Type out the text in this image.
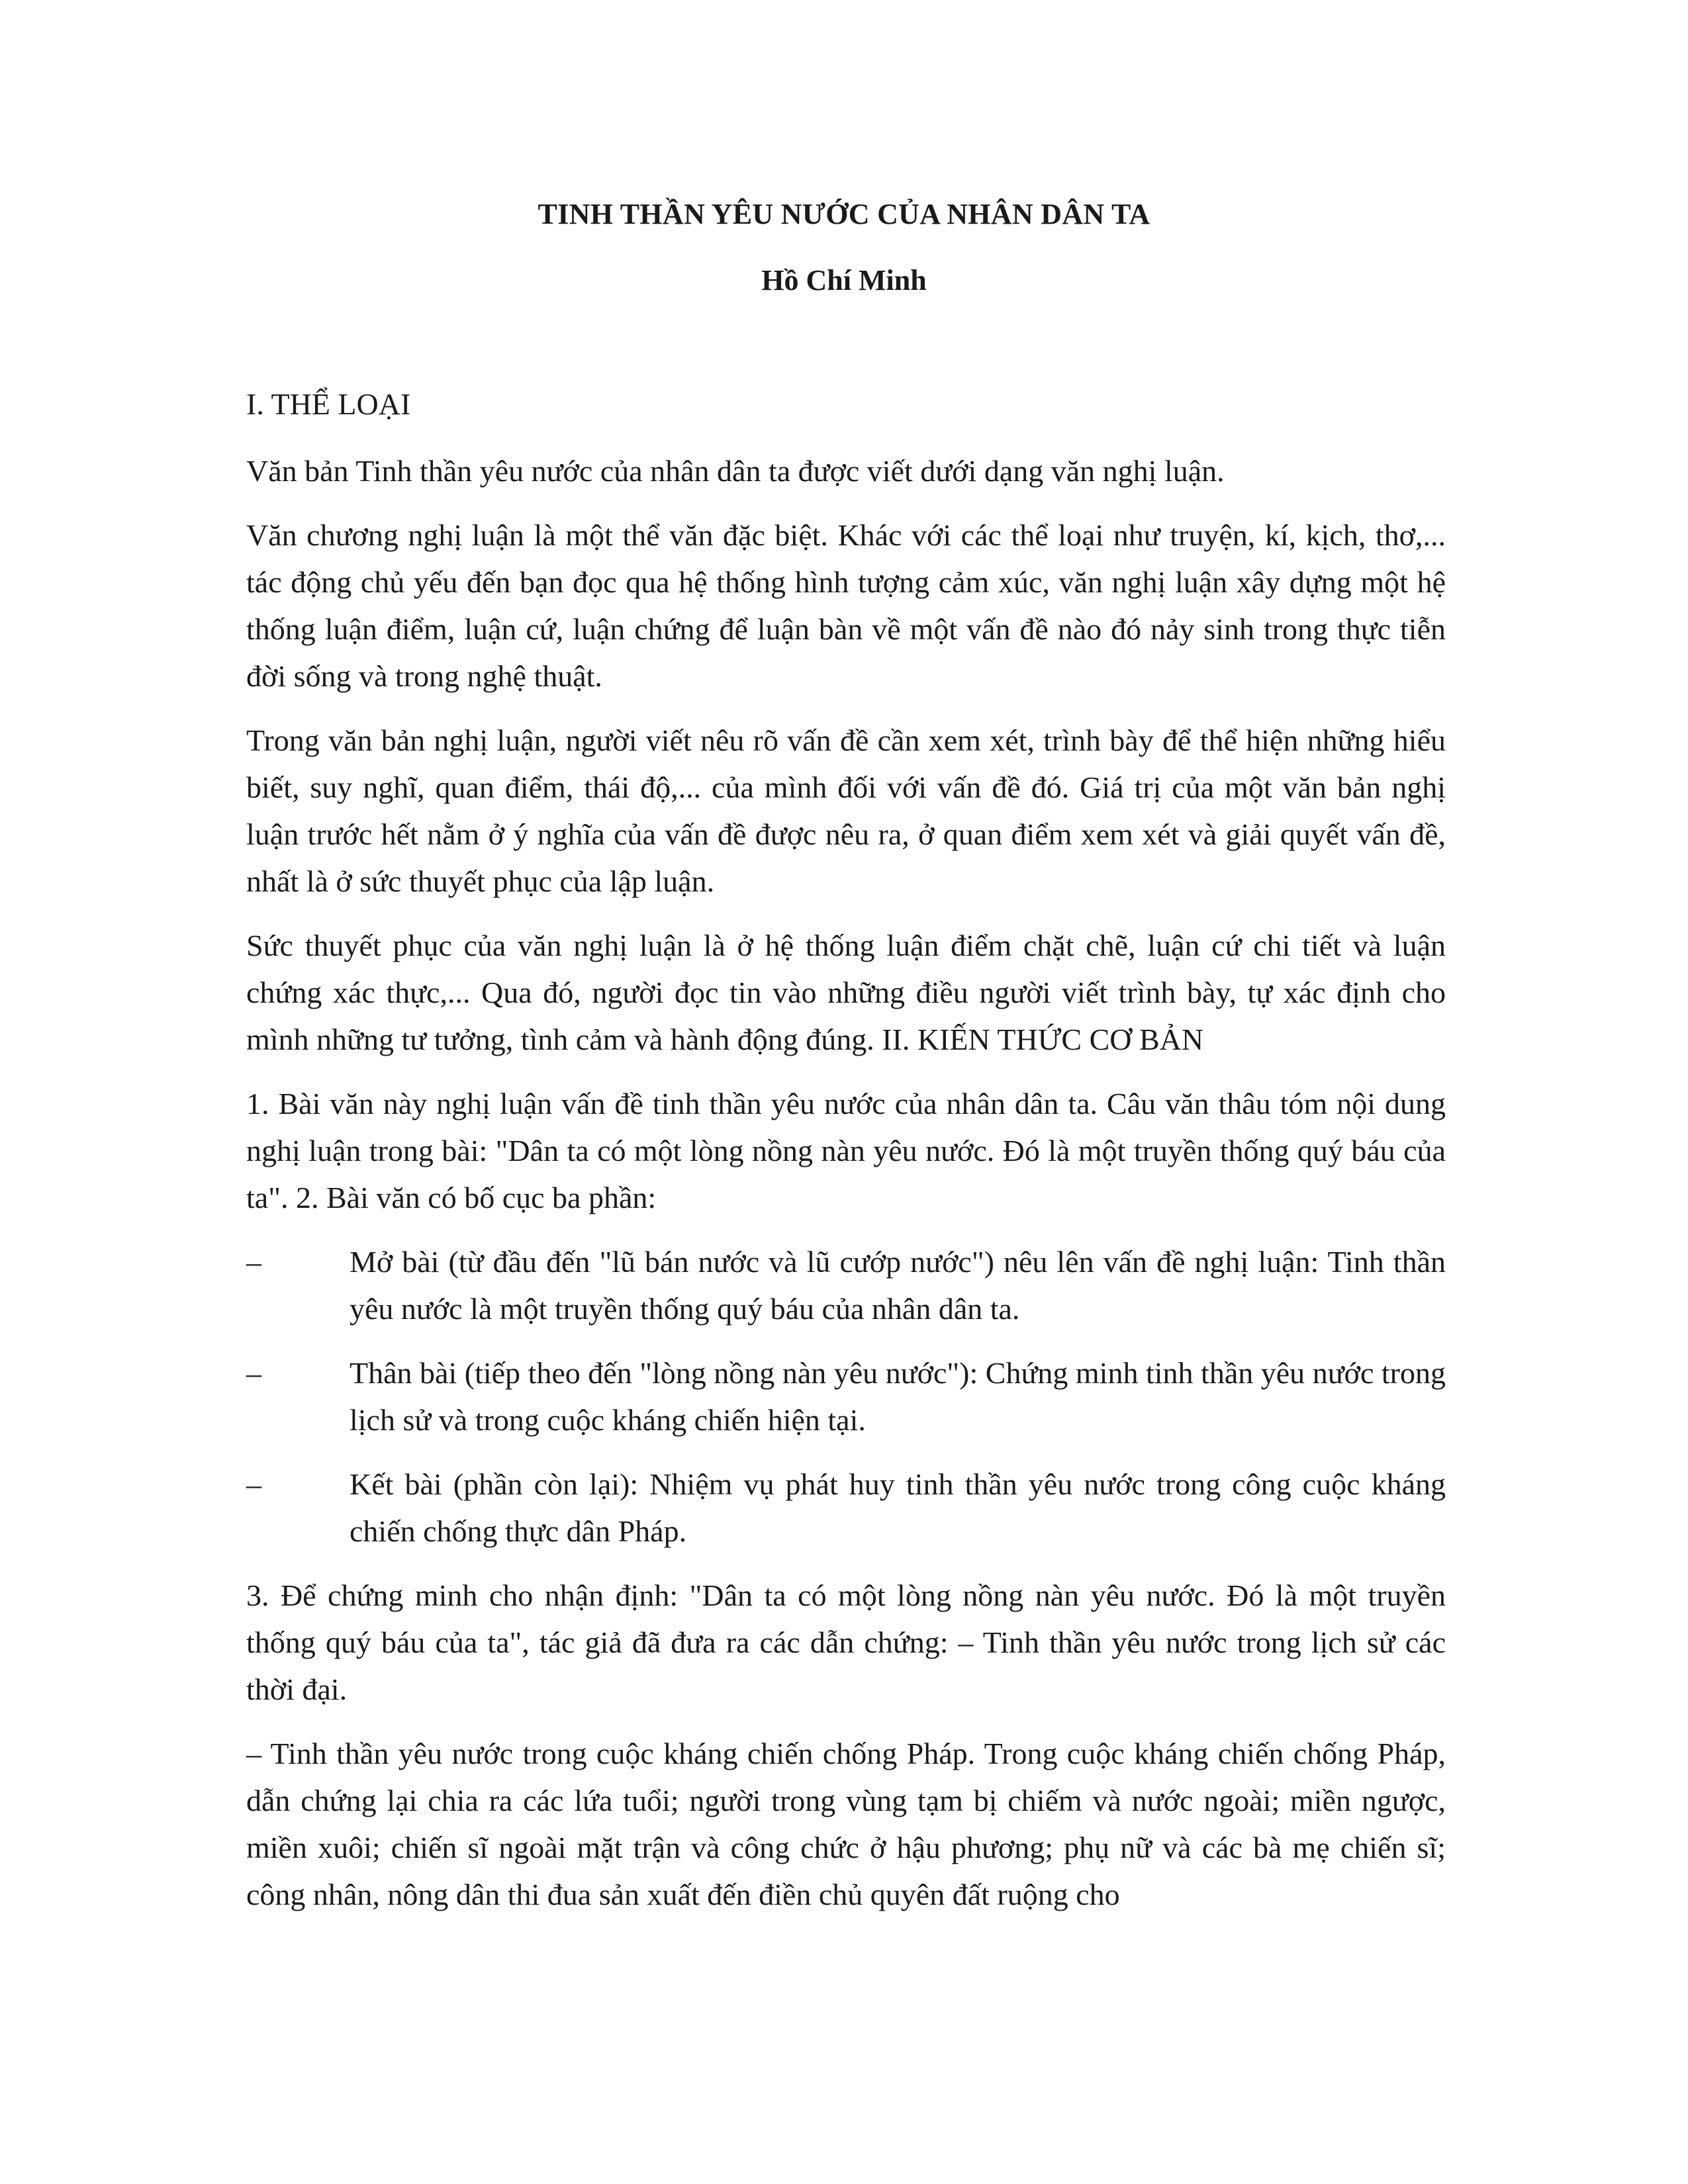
TINH THẦN YÊU NƯỚC CỦA NHÂN DÂN TA
Hồ Chí Minh

I. THỂ LOẠI

Văn bản Tinh thần yêu nước của nhân dân ta được viết dưới dạng văn nghị luận.

Văn chương nghị luận là một thể văn đặc biệt. Khác với các thể loại như truyện, kí, kịch, thơ,... tác động chủ yếu đến bạn đọc qua hệ thống hình tượng cảm xúc, văn nghị luận xây dựng một hệ thống luận điểm, luận cứ, luận chứng để luận bàn về một vấn đề nào đó nảy sinh trong thực tiễn đời sống và trong nghệ thuật.

Trong văn bản nghị luận, người viết nêu rõ vấn đề cần xem xét, trình bày để thể hiện những hiểu biết, suy nghĩ, quan điểm, thái độ,... của mình đối với vấn đề đó. Giá trị của một văn bản nghị luận trước hết nằm ở ý nghĩa của vấn đề được nêu ra, ở quan điểm xem xét và giải quyết vấn đề, nhất là ở sức thuyết phục của lập luận.

Sức thuyết phục của văn nghị luận là ở hệ thống luận điểm chặt chẽ, luận cứ chi tiết và luận chứng xác thực,... Qua đó, người đọc tin vào những điều người viết trình bày, tự xác định cho mình những tư tưởng, tình cảm và hành động đúng. II. KIẾN THỨC CƠ BẢN

1. Bài văn này nghị luận vấn đề tinh thần yêu nước của nhân dân ta. Câu văn thâu tóm nội dung nghị luận trong bài: "Dân ta có một lòng nồng nàn yêu nước. Đó là một truyền thống quý báu của ta". 2. Bài văn có bố cục ba phần:

–	Mở bài (từ đầu đến "lũ bán nước và lũ cướp nước") nêu lên vấn đề nghị luận: Tinh thần yêu nước là một truyền thống quý báu của nhân dân ta.

–	Thân bài (tiếp theo đến "lòng nồng nàn yêu nước"): Chứng minh tinh thần yêu nước trong lịch sử và trong cuộc kháng chiến hiện tại.

–	Kết bài (phần còn lại): Nhiệm vụ phát huy tinh thần yêu nước trong công cuộc kháng chiến chống thực dân Pháp.

3. Để chứng minh cho nhận định: "Dân ta có một lòng nồng nàn yêu nước. Đó là một truyền thống quý báu của ta", tác giả đã đưa ra các dẫn chứng: – Tinh thần yêu nước trong lịch sử các thời đại.

– Tinh thần yêu nước trong cuộc kháng chiến chống Pháp. Trong cuộc kháng chiến chống Pháp, dẫn chứng lại chia ra các lứa tuổi; người trong vùng tạm bị chiếm và nước ngoài; miền ngược, miền xuôi; chiến sĩ ngoài mặt trận và công chức ở hậu phương; phụ nữ và các bà mẹ chiến sĩ; công nhân, nông dân thi đua sản xuất đến điền chủ quyên đất ruộng cho
